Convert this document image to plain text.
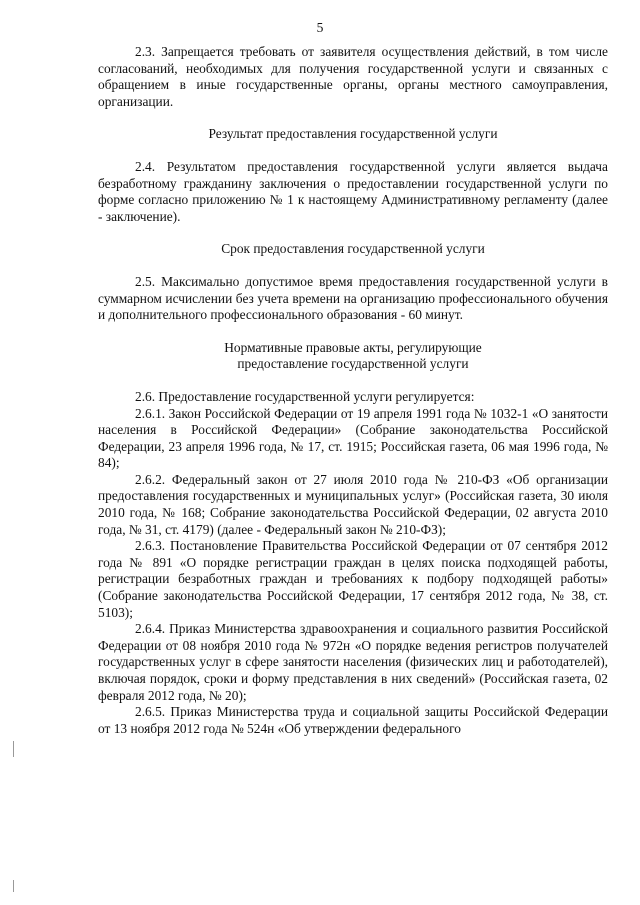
5

2.3. Запрещается требовать от заявителя осуществления действий, в том числе согласований, необходимых для получения государственной услуги и связанных с обращением в иные государственные органы, органы местного самоуправления, организации.

Результат предоставления государственной услуги

2.4. Результатом предоставления государственной услуги является выдача безработному гражданину заключения о предоставлении государственной услуги по форме согласно приложению № 1 к настоящему Административному регламенту (далее - заключение).

Срок предоставления государственной услуги

2.5. Максимально допустимое время предоставления государственной услуги в суммарном исчислении без учета времени на организацию профессионального обучения и дополнительного профессионального образования - 60 минут.

Нормативные правовые акты, регулирующие

предоставление государственной услуги

2.6. Предоставление государственной услуги регулируется:

2.6.1. Закон Российской Федерации от 19 апреля 1991 года № 1032-1 «О занятости населения в Российской Федерации» (Собрание законодательства Российской Федерации, 23 апреля 1996 года, № 17, ст. 1915; Российская газета, 06 мая 1996 года, № 84);

2.6.2. Федеральный закон от 27 июля 2010 года № 210-ФЗ «Об организации предоставления государственных и муниципальных услуг» (Российская газета, 30 июля 2010 года, № 168; Собрание законодательства Российской Федерации, 02 августа 2010 года, № 31, ст. 4179) (далее - Федеральный закон № 210-ФЗ);

2.6.3. Постановление Правительства Российской Федерации от 07 сентября 2012 года № 891 «О порядке регистрации граждан в целях поиска подходящей работы, регистрации безработных граждан и требованиях к подбору подходящей работы» (Собрание законодательства Российской Федерации, 17 сентября 2012 года, № 38, ст. 5103);

2.6.4. Приказ Министерства здравоохранения и социального развития Российской Федерации от 08 ноября 2010 года № 972н «О порядке ведения регистров получателей государственных услуг в сфере занятости населения (физических лиц и работодателей), включая порядок, сроки и форму представления в них сведений» (Российская газета, 02 февраля 2012 года, № 20);

2.6.5. Приказ Министерства труда и социальной защиты Российской Федерации от 13 ноября 2012 года № 524н «Об утверждении федерального
